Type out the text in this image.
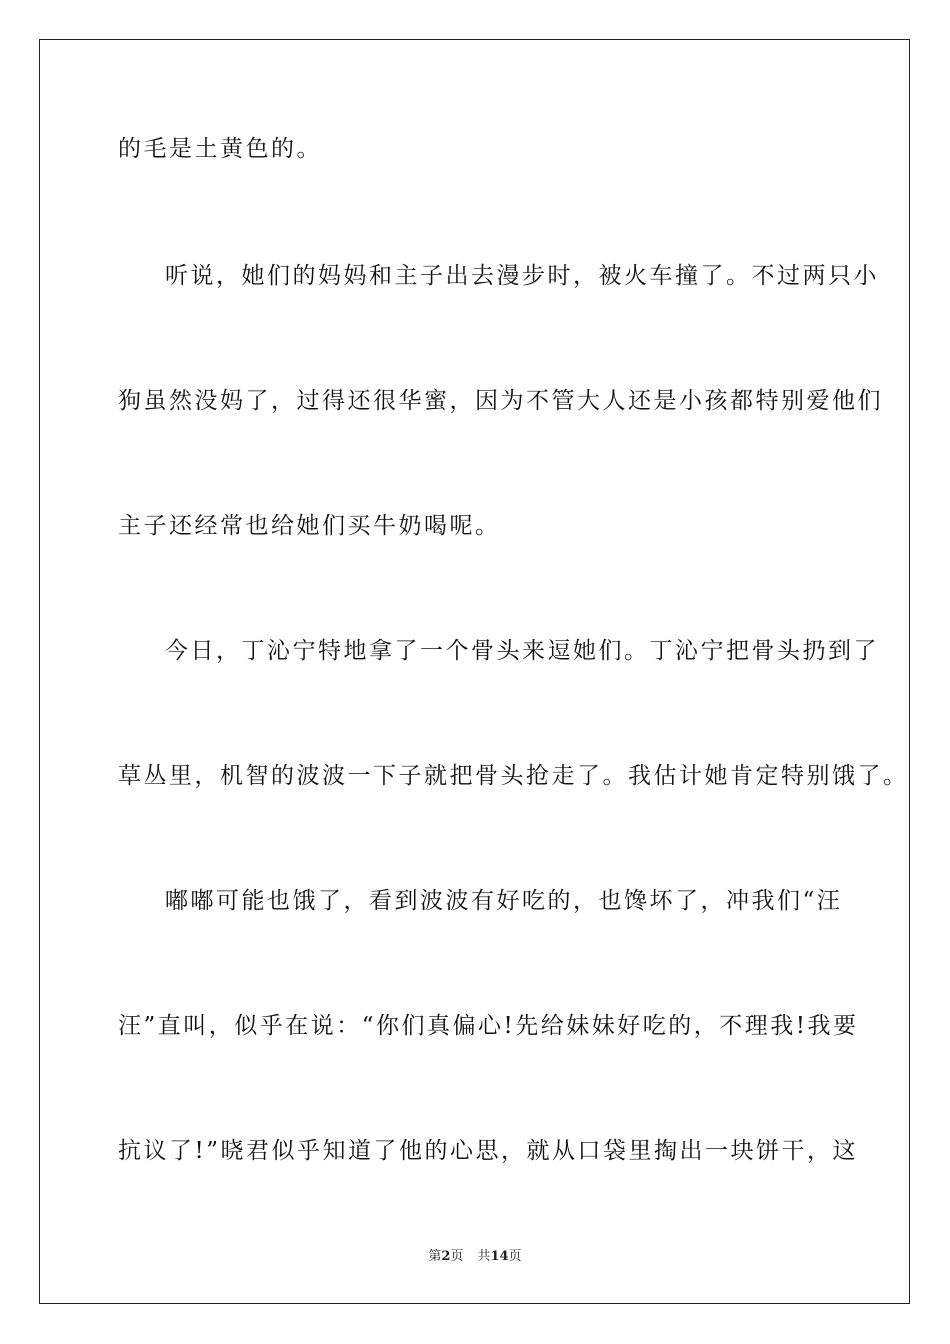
的毛是土黄色的。
听说，她们的妈妈和主子出去漫步时，被火车撞了。不过两只小
狗虽然没妈了，过得还很华蜜，因为不管大人还是小孩都特别爱他们
主子还经常也给她们买牛奶喝呢。
今日，丁沁宁特地拿了一个骨头来逗她们。丁沁宁把骨头扔到了
草丛里，机智的波波一下子就把骨头抢走了。我估计她肯定特别饿了。
嘟嘟可能也饿了，看到波波有好吃的，也馋坏了，冲我们“汪
汪”直叫，似乎在说：“你们真偏心!先给妹妹好吃的，不理我!我要
抗议了!”晓君似乎知道了他的心思，就从口袋里掏出一块饼干，这
第2页 共14页
